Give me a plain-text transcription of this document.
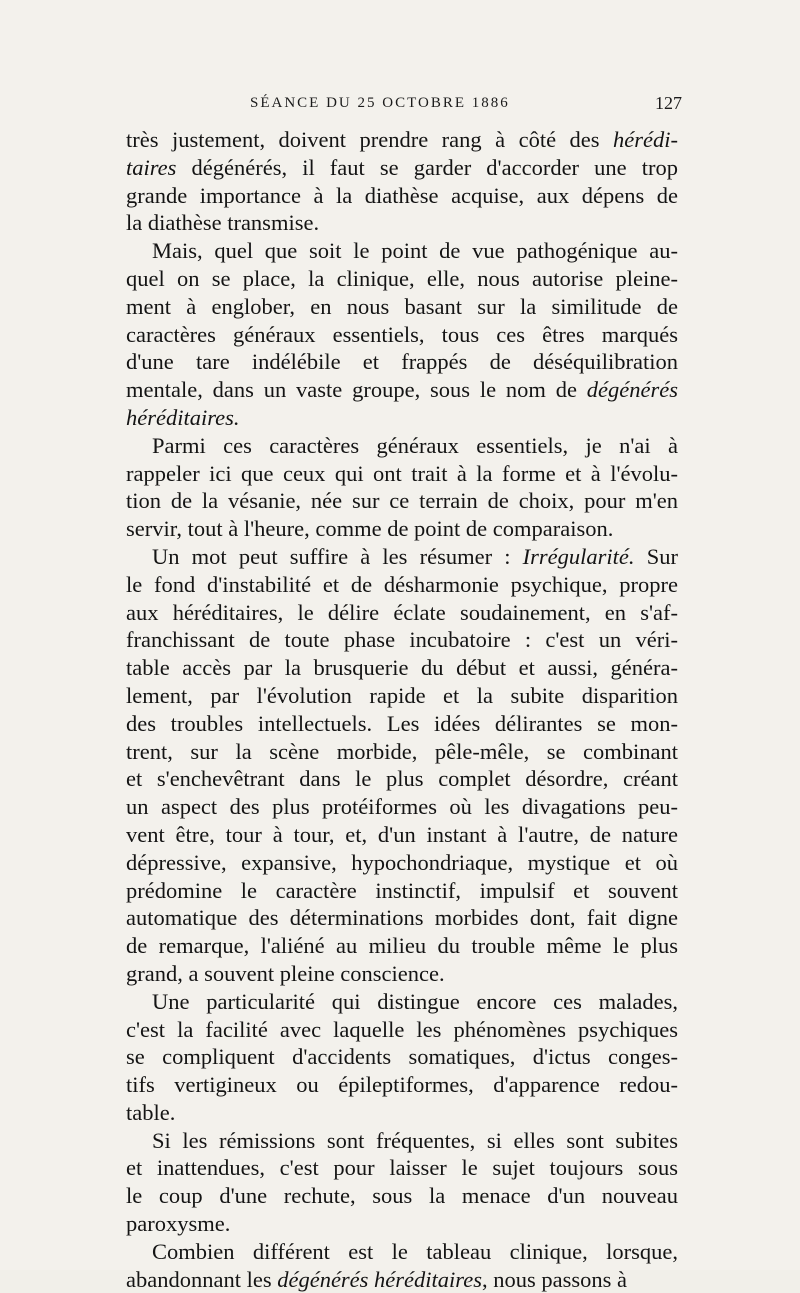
SÉANCE DU 25 OCTOBRE 1886	127
très justement, doivent prendre rang à côté des hérédi-
taires dégénérés, il faut se garder d'accorder une trop
grande importance à la diathèse acquise, aux dépens de
la diathèse transmise.
Mais, quel que soit le point de vue pathogénique au-
quel on se place, la clinique, elle, nous autorise pleine-
ment à englober, en nous basant sur la similitude de
caractères généraux essentiels, tous ces êtres marqués
d'une tare indélébile et frappés de déséquilibration
mentale, dans un vaste groupe, sous le nom de dégénérés
héréditaires.
Parmi ces caractères généraux essentiels, je n'ai à
rappeler ici que ceux qui ont trait à la forme et à l'évolu-
tion de la vésanie, née sur ce terrain de choix, pour m'en
servir, tout à l'heure, comme de point de comparaison.
Un mot peut suffire à les résumer : Irrégularité. Sur
le fond d'instabilité et de désharmonie psychique, propre
aux héréditaires, le délire éclate soudainement, en s'af-
franchissant de toute phase incubatoire : c'est un véri-
table accès par la brusquerie du début et aussi, généra-
lement, par l'évolution rapide et la subite disparition
des troubles intellectuels. Les idées délirantes se mon-
trent, sur la scène morbide, pêle-mêle, se combinant
et s'enchevêtrant dans le plus complet désordre, créant
un aspect des plus protéiformes où les divagations peu-
vent être, tour à tour, et, d'un instant à l'autre, de nature
dépressive, expansive, hypochondriaque, mystique et où
prédomine le caractère instinctif, impulsif et souvent
automatique des déterminations morbides dont, fait digne
de remarque, l'aliéné au milieu du trouble même le plus
grand, a souvent pleine conscience.
Une particularité qui distingue encore ces malades,
c'est la facilité avec laquelle les phénomènes psychiques
se compliquent d'accidents somatiques, d'ictus conges-
tifs vertigineux ou épileptiformes, d'apparence redou-
table.
Si les rémissions sont fréquentes, si elles sont subites
et inattendues, c'est pour laisser le sujet toujours sous
le coup d'une rechute, sous la menace d'un nouveau
paroxysme.
Combien différent est le tableau clinique, lorsque,
abandonnant les dégénérés héréditaires, nous passons à
